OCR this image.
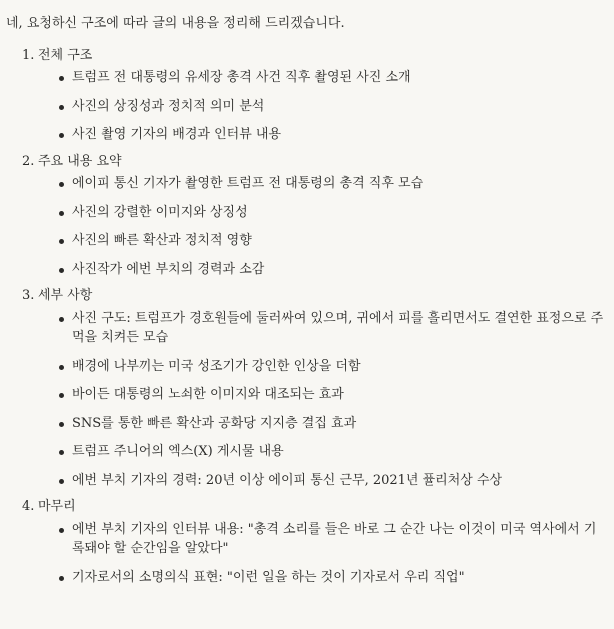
네, 요청하신 구조에 따라 글의 내용을 정리해 드리겠습니다.

1. 전체 구조
트럼프 전 대통령의 유세장 총격 사건 직후 촬영된 사진 소개
사진의 상징성과 정치적 의미 분석
사진 촬영 기자의 배경과 인터뷰 내용
2. 주요 내용 요약
에이피 통신 기자가 촬영한 트럼프 전 대통령의 총격 직후 모습
사진의 강렬한 이미지와 상징성
사진의 빠른 확산과 정치적 영향
사진작가 에번 부치의 경력과 소감
3. 세부 사항
사진 구도: 트럼프가 경호원들에 둘러싸여 있으며, 귀에서 피를 흘리면서도 결연한 표정으로 주먹을 치켜든 모습
배경에 나부끼는 미국 성조기가 강인한 인상을 더함
바이든 대통령의 노쇠한 이미지와 대조되는 효과
SNS를 통한 빠른 확산과 공화당 지지층 결집 효과
트럼프 주니어의 엑스(X) 게시물 내용
에번 부치 기자의 경력: 20년 이상 에이피 통신 근무, 2021년 퓰리처상 수상
4. 마무리
에번 부치 기자의 인터뷰 내용: "총격 소리를 들은 바로 그 순간 나는 이것이 미국 역사에서 기록돼야 할 순간임을 알았다"
기자로서의 소명의식 표현: "이런 일을 하는 것이 기자로서 우리 직업"
